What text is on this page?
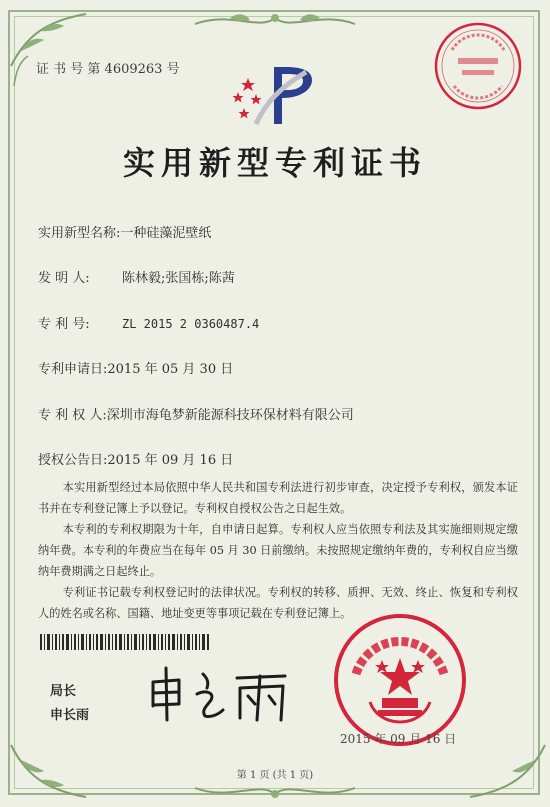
证 书 号 第 4609263 号
实用新型专利证书
实用新型名称:一种硅藻泥壁纸
发 明 人: 陈林毅;张国栋;陈茜
专 利 号:	ZL 2015 2 0360487.4
专利申请日:2015 年 05 月 30 日
专 利 权 人:深圳市海龟梦新能源科技环保材料有限公司
授权公告日:2015 年 09 月 16 日
本实用新型经过本局依照中华人民共和国专利法进行初步审查，决定授予专利权，颁发本证书并在专利登记簿上予以登记。专利权自授权公告之日起生效。
本专利的专利权期限为十年，自申请日起算。专利权人应当依照专利法及其实施细则规定缴纳年费。本专利的年费应当在每年 05 月 30 日前缴纳。未按照规定缴纳年费的，专利权自应当缴纳年费期满之日起终止。
专利证书记载专利权登记时的法律状况。专利权的转移、质押、无效、终止、恢复和专利权人的姓名或名称、国籍、地址变更等事项记载在专利登记簿上。
局长
申长雨
2015 年 09 月 16 日
第 1 页 (共 1 页)
